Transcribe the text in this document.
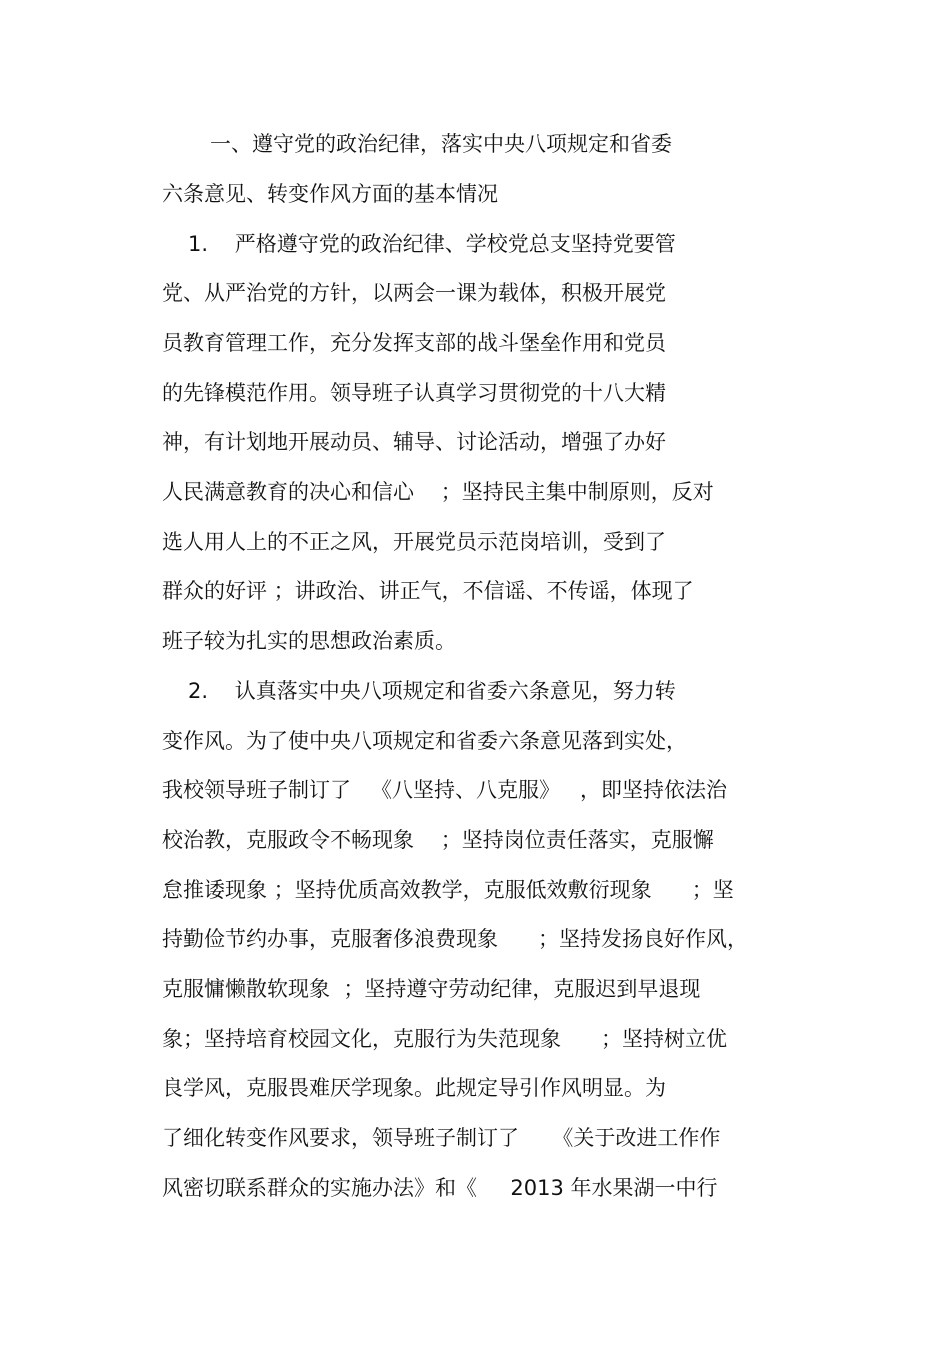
一、遵守党的政治纪律，落实中央八项规定和省委

六条意见、转变作风方面的基本情况

1.    严格遵守党的政治纪律、学校党总支坚持党要管

党、从严治党的方针，以两会一课为载体，积极开展党

员教育管理工作，充分发挥支部的战斗堡垒作用和党员

的先锋模范作用。领导班子认真学习贯彻党的十八大精

神，有计划地开展动员、辅导、讨论活动，增强了办好

人民满意教育的决心和信心    ；坚持民主集中制原则，反对

选人用人上的不正之风，开展党员示范岗培训，受到了

群众的好评 ；讲政治、讲正气，不信谣、不传谣，体现了

班子较为扎实的思想政治素质。

2.    认真落实中央八项规定和省委六条意见，努力转

变作风。为了使中央八项规定和省委六条意见落到实处，

我校领导班子制订了   《八坚持、八克服》   ，即坚持依法治

校治教，克服政令不畅现象    ；坚持岗位责任落实，克服懈

怠推诿现象 ；坚持优质高效教学，克服低效敷衍现象      ；坚

持勤俭节约办事，克服奢侈浪费现象      ；坚持发扬良好作风，

克服慵懒散软现象  ；坚持遵守劳动纪律，克服迟到早退现

象；坚持培育校园文化，克服行为失范现象      ；坚持树立优

良学风，克服畏难厌学现象。此规定导引作风明显。为

了细化转变作风要求，领导班子制订了     《关于改进工作作

风密切联系群众的实施办法》和《     2013 年水果湖一中行
